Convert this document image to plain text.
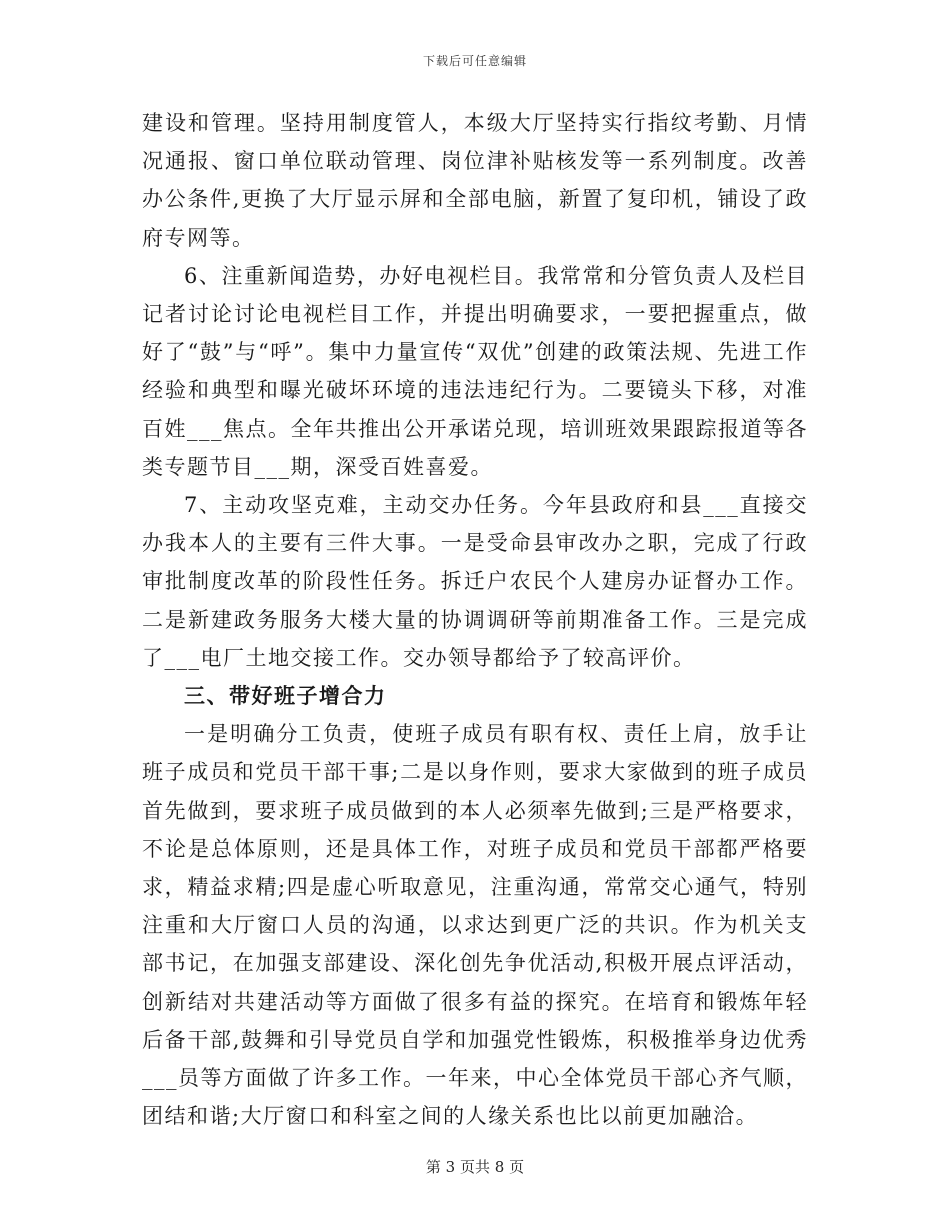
下载后可任意编辑

建设和管理。坚持用制度管人，本级大厅坚持实行指纹考勤、月情况通报、窗口单位联动管理、岗位津补贴核发等一系列制度。改善办公条件,更换了大厅显示屏和全部电脑，新置了复印机，铺设了政府专网等。

6、注重新闻造势，办好电视栏目。我常常和分管负责人及栏目记者讨论讨论电视栏目工作，并提出明确要求，一要把握重点，做好了“鼓”与“呼”。集中力量宣传“双优”创建的政策法规、先进工作经验和典型和曝光破坏环境的违法违纪行为。二要镜头下移，对准百姓___焦点。全年共推出公开承诺兑现，培训班效果跟踪报道等各类专题节目___期，深受百姓喜爱。

7、主动攻坚克难，主动交办任务。今年县政府和县___直接交办我本人的主要有三件大事。一是受命县审改办之职，完成了行政审批制度改革的阶段性任务。拆迁户农民个人建房办证督办工作。二是新建政务服务大楼大量的协调调研等前期准备工作。三是完成了___电厂土地交接工作。交办领导都给予了较高评价。

三、带好班子增合力

一是明确分工负责，使班子成员有职有权、责任上肩，放手让班子成员和党员干部干事;二是以身作则，要求大家做到的班子成员首先做到，要求班子成员做到的本人必须率先做到;三是严格要求，不论是总体原则，还是具体工作，对班子成员和党员干部都严格要求，精益求精;四是虚心听取意见，注重沟通，常常交心通气，特别注重和大厅窗口人员的沟通，以求达到更广泛的共识。作为机关支部书记，在加强支部建设、深化创先争优活动,积极开展点评活动，创新结对共建活动等方面做了很多有益的探究。在培育和锻炼年轻后备干部,鼓舞和引导党员自学和加强党性锻炼，积极推举身边优秀___员等方面做了许多工作。一年来，中心全体党员干部心齐气顺，团结和谐;大厅窗口和科室之间的人缘关系也比以前更加融洽。

第 3 页共 8 页
